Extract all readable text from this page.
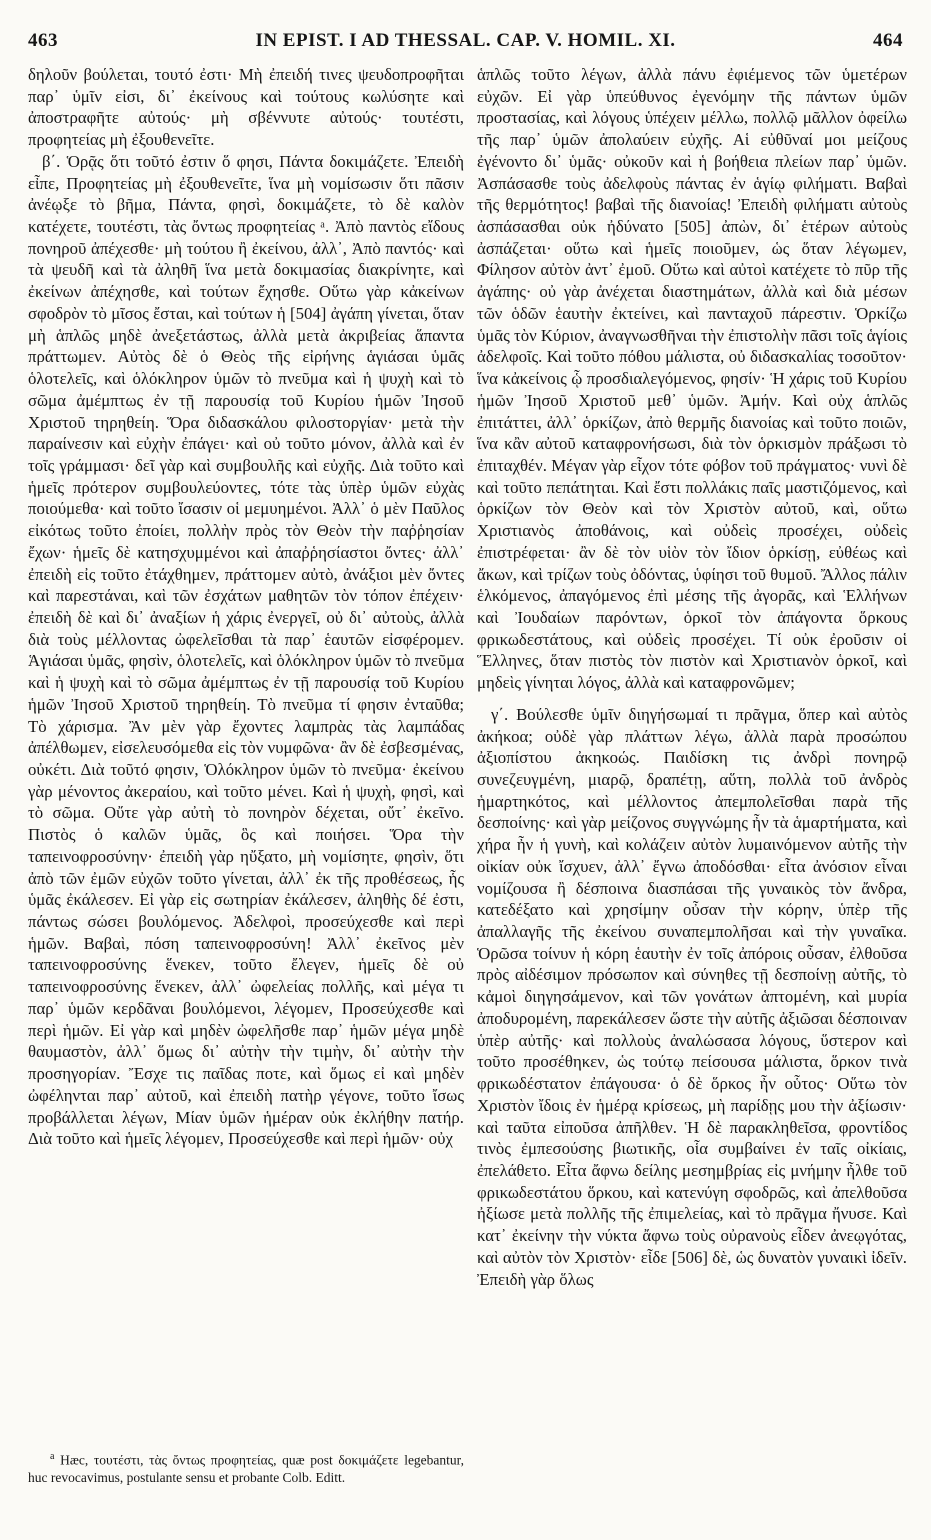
463	IN EPIST. I AD THESSAL. CAP. V. HOMIL. XI.	464

δηλοῦν βούλεται, τουτό ἐστι· Μὴ ἐπειδή τινες ψευδοπροφῆται παρ᾽ ὑμῖν εἰσι, δι᾽ ἐκείνους καὶ τούτους κωλύσητε καὶ ἀποστραφῆτε αὐτούς· μὴ σβέννυτε αὐτούς· τουτέστι, προφητείας μὴ ἐξουθενεῖτε.

β΄. Ὁρᾷς ὅτι τοῦτό ἐστιν ὅ φησι, Πάντα δοκιμάζετε. Ἐπειδὴ εἶπε, Προφητείας μὴ ἐξουθενεῖτε, ἵνα μὴ νομίσωσιν ὅτι πᾶσιν ἀνέῳξε τὸ βῆμα, Πάντα, φησὶ, δοκιμάζετε, τὸ δὲ καλὸν κατέχετε, τουτέστι, τὰς ὄντως προφητείας ᵃ. Ἀπὸ παντὸς εἴδους πονηροῦ ἀπέχεσθε· μὴ τούτου ἢ ἐκείνου, ἀλλ᾽, Ἀπὸ παντός· καὶ τὰ ψευδῆ καὶ τὰ ἀληθῆ ἵνα μετὰ δοκιμασίας διακρίνητε, καὶ ἐκείνων ἀπέχησθε, καὶ τούτων ἔχησθε. Οὕτω γὰρ κἀκείνων σφοδρὸν τὸ μῖσος ἔσται, καὶ τούτων ἡ [504] ἀγάπη γίνεται, ὅταν μὴ ἁπλῶς μηδὲ ἀνεξετάστως, ἀλλὰ μετὰ ἀκριβείας ἅπαντα πράττωμεν. Αὐτὸς δὲ ὁ Θεὸς τῆς εἰρήνης ἁγιάσαι ὑμᾶς ὁλοτελεῖς, καὶ ὁλόκληρον ὑμῶν τὸ πνεῦμα καὶ ἡ ψυχὴ καὶ τὸ σῶμα ἀμέμπτως ἐν τῇ παρουσίᾳ τοῦ Κυρίου ἡμῶν Ἰησοῦ Χριστοῦ τηρηθείη. Ὅρα διδασκάλου φιλοστοργίαν· μετὰ τὴν παραίνεσιν καὶ εὐχὴν ἐπάγει· καὶ οὐ τοῦτο μόνον, ἀλλὰ καὶ ἐν τοῖς γράμμασι· δεῖ γὰρ καὶ συμβουλῆς καὶ εὐχῆς. Διὰ τοῦτο καὶ ἡμεῖς πρότερον συμβουλεύοντες, τότε τὰς ὑπὲρ ὑμῶν εὐχὰς ποιούμεθα· καὶ τοῦτο ἴσασιν οἱ μεμυημένοι. Ἀλλ᾽ ὁ μὲν Παῦλος εἰκότως τοῦτο ἐποίει, πολλὴν πρὸς τὸν Θεὸν τὴν παῤῥησίαν ἔχων· ἡμεῖς δὲ κατησχυμμένοι καὶ ἀπαῤῥησίαστοι ὄντες· ἀλλ᾽ ἐπειδὴ εἰς τοῦτο ἐτάχθημεν, πράττομεν αὐτὸ, ἀνάξιοι μὲν ὄντες καὶ παρεστάναι, καὶ τῶν ἐσχάτων μαθητῶν τὸν τόπον ἐπέχειν· ἐπειδὴ δὲ καὶ δι᾽ ἀναξίων ἡ χάρις ἐνεργεῖ, οὐ δι᾽ αὐτοὺς, ἀλλὰ διὰ τοὺς μέλλοντας ὠφελεῖσθαι τὰ παρ᾽ ἑαυτῶν εἰσφέρομεν. Ἁγιάσαι ὑμᾶς, φησὶν, ὁλοτελεῖς, καὶ ὁλόκληρον ὑμῶν τὸ πνεῦμα καὶ ἡ ψυχὴ καὶ τὸ σῶμα ἀμέμπτως ἐν τῇ παρουσίᾳ τοῦ Κυρίου ἡμῶν Ἰησοῦ Χριστοῦ τηρηθείη. Τὸ πνεῦμα τί φησιν ἐνταῦθα; Τὸ χάρισμα. Ἂν μὲν γὰρ ἔχοντες λαμπρὰς τὰς λαμπάδας ἀπέλθωμεν, εἰσελευσόμεθα εἰς τὸν νυμφῶνα· ἂν δὲ ἐσβεσμένας, οὐκέτι. Διὰ τοῦτό φησιν, Ὁλόκληρον ὑμῶν τὸ πνεῦμα· ἐκείνου γὰρ μένοντος ἀκεραίου, καὶ τοῦτο μένει. Καὶ ἡ ψυχὴ, φησὶ, καὶ τὸ σῶμα. Οὔτε γὰρ αὐτὴ τὸ πονηρὸν δέχεται, οὔτ᾽ ἐκεῖνο. Πιστὸς ὁ καλῶν ὑμᾶς, ὃς καὶ ποιήσει. Ὅρα τὴν ταπεινοφροσύνην· ἐπειδὴ γὰρ ηὔξατο, μὴ νομίσητε, φησὶν, ὅτι ἀπὸ τῶν ἐμῶν εὐχῶν τοῦτο γίνεται, ἀλλ᾽ ἐκ τῆς προθέσεως, ἧς ὑμᾶς ἐκάλεσεν. Εἰ γὰρ εἰς σωτηρίαν ἐκάλεσεν, ἀληθὴς δέ ἐστι, πάντως σώσει βουλόμενος. Ἀδελφοὶ, προσεύχεσθε καὶ περὶ ἡμῶν. Βαβαὶ, πόση ταπεινοφροσύνη! Ἀλλ᾽ ἐκεῖνος μὲν ταπεινοφροσύνης ἕνεκεν, τοῦτο ἔλεγεν, ἡμεῖς δὲ οὐ ταπεινοφροσύνης ἕνεκεν, ἀλλ᾽ ὠφελείας πολλῆς, καὶ μέγα τι παρ᾽ ὑμῶν κερδᾶναι βουλόμενοι, λέγομεν, Προσεύχεσθε καὶ περὶ ἡμῶν. Εἰ γὰρ καὶ μηδὲν ὠφελῆσθε παρ᾽ ἡμῶν μέγα μηδὲ θαυμαστὸν, ἀλλ᾽ ὅμως δι᾽ αὐτὴν τὴν τιμὴν, δι᾽ αὐτὴν τὴν προσηγορίαν. Ἔσχε τις παῖδας ποτε, καὶ ὅμως εἰ καὶ μηδὲν ὠφέληνται παρ᾽ αὐτοῦ, καὶ ἐπειδὴ πατὴρ γέγονε, τοῦτο ἴσως προβάλλεται λέγων, Μίαν ὑμῶν ἡμέραν οὐκ ἐκλήθην πατήρ. Διὰ τοῦτο καὶ ἡμεῖς λέγομεν, Προσεύχεσθε καὶ περὶ ἡμῶν· οὐχ

ἁπλῶς τοῦτο λέγων, ἀλλὰ πάνυ ἐφιέμενος τῶν ὑμετέρων εὐχῶν. Εἰ γὰρ ὑπεύθυνος ἐγενόμην τῆς πάντων ὑμῶν προστασίας, καὶ λόγους ὑπέχειν μέλλω, πολλῷ μᾶλλον ὀφείλω τῆς παρ᾽ ὑμῶν ἀπολαύειν εὐχῆς. Αἱ εὐθῦναί μοι μείζους ἐγένοντο δι᾽ ὑμᾶς· οὐκοῦν καὶ ἡ βοήθεια πλείων παρ᾽ ὑμῶν. Ἀσπάσασθε τοὺς ἀδελφοὺς πάντας ἐν ἁγίῳ φιλήματι. Βαβαὶ τῆς θερμότητος! βαβαὶ τῆς διανοίας! Ἐπειδὴ φιλήματι αὐτοὺς ἀσπάσασθαι οὐκ ἠδύνατο [505] ἀπὼν, δι᾽ ἑτέρων αὐτοὺς ἀσπάζεται· οὕτω καὶ ἡμεῖς ποιοῦμεν, ὡς ὅταν λέγωμεν, Φίλησον αὐτὸν ἀντ᾽ ἐμοῦ. Οὕτω καὶ αὐτοὶ κατέχετε τὸ πῦρ τῆς ἀγάπης· οὐ γὰρ ἀνέχεται διαστημάτων, ἀλλὰ καὶ διὰ μέσων τῶν ὁδῶν ἑαυτὴν ἐκτείνει, καὶ πανταχοῦ πάρεστιν. Ὁρκίζω ὑμᾶς τὸν Κύριον, ἀναγνωσθῆναι τὴν ἐπιστολὴν πᾶσι τοῖς ἁγίοις ἀδελφοῖς. Καὶ τοῦτο πόθου μάλιστα, οὐ διδασκαλίας τοσοῦτον· ἵνα κἀκείνοις ᾧ προσδιαλεγόμενος, φησίν· Ἡ χάρις τοῦ Κυρίου ἡμῶν Ἰησοῦ Χριστοῦ μεθ᾽ ὑμῶν. Ἀμήν. Καὶ οὐχ ἁπλῶς ἐπιτάττει, ἀλλ᾽ ὁρκίζων, ἀπὸ θερμῆς διανοίας καὶ τοῦτο ποιῶν, ἵνα κἂν αὐτοῦ καταφρονήσωσι, διὰ τὸν ὁρκισμὸν πράξωσι τὸ ἐπιταχθέν. Μέγαν γὰρ εἶχον τότε φόβον τοῦ πράγματος· νυνὶ δὲ καὶ τοῦτο πεπάτηται. Καὶ ἔστι πολλάκις παῖς μαστιζόμενος, καὶ ὁρκίζων τὸν Θεὸν καὶ τὸν Χριστὸν αὐτοῦ, καὶ, οὕτω Χριστιανὸς ἀποθάνοις, καὶ οὐδεὶς προσέχει, οὐδεὶς ἐπιστρέφεται· ἂν δὲ τὸν υἱὸν τὸν ἴδιον ὁρκίσῃ, εὐθέως καὶ ἄκων, καὶ τρίζων τοὺς ὀδόντας, ὑφίησι τοῦ θυμοῦ. Ἄλλος πάλιν ἑλκόμενος, ἀπαγόμενος ἐπὶ μέσης τῆς ἀγορᾶς, καὶ Ἑλλήνων καὶ Ἰουδαίων παρόντων, ὁρκοῖ τὸν ἀπάγοντα ὅρκους φρικωδεστάτους, καὶ οὐδεὶς προσέχει. Τί οὐκ ἐροῦσιν οἱ Ἕλληνες, ὅταν πιστὸς τὸν πιστὸν καὶ Χριστιανὸν ὁρκοῖ, καὶ μηδεὶς γίνηται λόγος, ἀλλὰ καὶ καταφρονῶμεν;

γ΄. Βούλεσθε ὑμῖν διηγήσωμαί τι πρᾶγμα, ὅπερ καὶ αὐτὸς ἀκήκοα; οὐδὲ γὰρ πλάττων λέγω, ἀλλὰ παρὰ προσώπου ἀξιοπίστου ἀκηκοώς. Παιδίσκη τις ἀνδρὶ πονηρῷ συνεζευγμένη, μιαρῷ, δραπέτῃ, αὕτη, πολλὰ τοῦ ἀνδρὸς ἡμαρτηκότος, καὶ μέλλοντος ἀπεμπολεῖσθαι παρὰ τῆς δεσποίνης· καὶ γὰρ μείζονος συγγνώμης ἦν τὰ ἁμαρτήματα, καὶ χήρα ἦν ἡ γυνὴ, καὶ κολάζειν αὐτὸν λυμαινόμενον αὐτῆς τὴν οἰκίαν οὐκ ἴσχυεν, ἀλλ᾽ ἔγνω ἀποδόσθαι· εἶτα ἀνόσιον εἶναι νομίζουσα ἢ δέσποινα διασπάσαι τῆς γυναικὸς τὸν ἄνδρα, κατεδέξατο καὶ χρησίμην οὖσαν τὴν κόρην, ὑπὲρ τῆς ἀπαλλαγῆς τῆς ἐκείνου συναπεμπολῆσαι καὶ τὴν γυναῖκα. Ὁρῶσα τοίνυν ἡ κόρη ἑαυτὴν ἐν τοῖς ἀπόροις οὖσαν, ἐλθοῦσα πρὸς αἰδέσιμον πρόσωπον καὶ σύνηθες τῇ δεσποίνῃ αὐτῆς, τὸ κἀμοὶ διηγησάμενον, καὶ τῶν γονάτων ἁπτομένη, καὶ μυρία ἀποδυρομένη, παρεκάλεσεν ὥστε τὴν αὐτῆς ἀξιῶσαι δέσποιναν ὑπὲρ αὐτῆς· καὶ πολλοὺς ἀναλώσασα λόγους, ὕστερον καὶ τοῦτο προσέθηκεν, ὡς τούτῳ πείσουσα μάλιστα, ὅρκον τινὰ φρικωδέστατον ἐπάγουσα· ὁ δὲ ὅρκος ἦν οὗτος· Οὕτω τὸν Χριστὸν ἴδοις ἐν ἡμέρᾳ κρίσεως, μὴ παρίδῃς μου τὴν ἀξίωσιν· καὶ ταῦτα εἰποῦσα ἀπῆλθεν. Ἡ δὲ παρακληθεῖσα, φροντίδος τινὸς ἐμπεσούσης βιωτικῆς, οἷα συμβαίνει ἐν ταῖς οἰκίαις, ἐπελάθετο. Εἶτα ἄφνω δείλης μεσημβρίας εἰς μνήμην ἦλθε τοῦ φρικωδεστάτου ὅρκου, καὶ κατενύγη σφοδρῶς, καὶ ἀπελθοῦσα ἠξίωσε μετὰ πολλῆς τῆς ἐπιμελείας, καὶ τὸ πρᾶγμα ἤνυσε. Καὶ κατ᾽ ἐκείνην τὴν νύκτα ἄφνω τοὺς οὐρανοὺς εἶδεν ἀνεῳγότας, καὶ αὐτὸν τὸν Χριστὸν· εἶδε [506] δὲ, ὡς δυνατὸν γυναικὶ ἰδεῖν. Ἐπειδὴ γὰρ ὅλως

$^a$ Hæc, τουτέστι, τὰς ὄντως προφητείας, quæ post δοκιμάζετε legebantur, huc revocavimus, postulante sensu et probante Colb. Editt.
